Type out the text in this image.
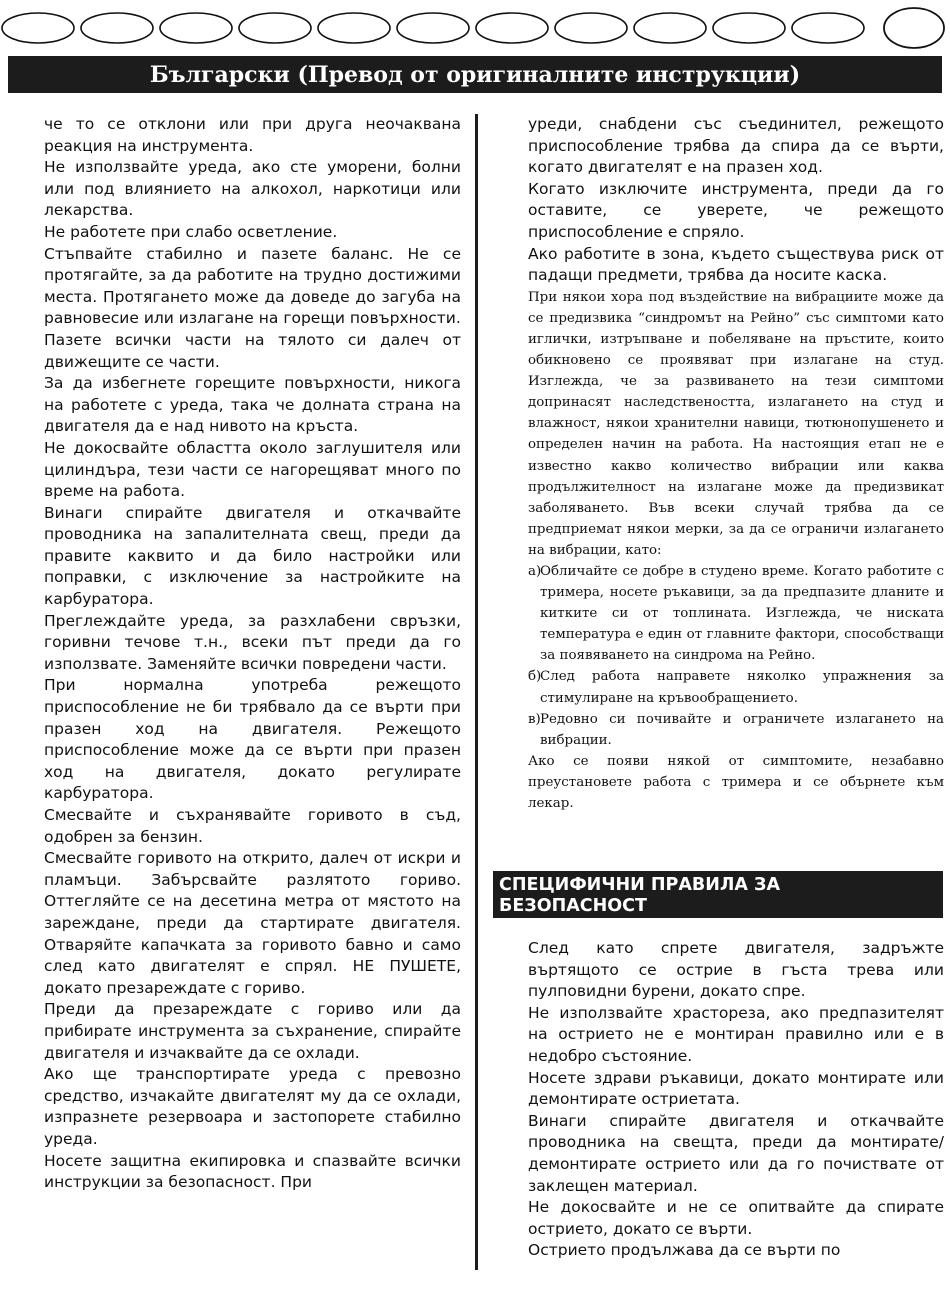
Български (Превод от оригиналните инструкции)

че то се отклони или при друга неочаквана реакция на инструмента.

Не използвайте уреда, ако сте уморени, болни или под влиянието на алкохол, наркотици или лекарства.

Не работете при слабо осветление.

Стъпвайте стабилно и пазете баланс. Не се протягайте, за да работите на трудно достижими места. Протягането може да доведе до загуба на равновесие или излагане на горещи повърхности.

Пазете всички части на тялото си далеч от движещите се части.

За да избегнете горещите повърхности, никога на работете с уреда, така че долната страна на двигателя да е над нивото на кръста.

Не докосвайте областта около заглушителя или цилиндъра, тези части се нагорещяват много по време на работа.

Винаги спирайте двигателя и откачвайте проводника на запалителната свещ, преди да правите каквито и да било настройки или поправки, с изключение за настройките на карбуратора.

Преглеждайте уреда, за разхлабени свръзки, горивни течове т.н., всеки път преди да го използвате. Заменяйте всички повредени части.

При нормална употреба режещото приспособление не би трябвало да се върти при празен ход на двигателя. Режещото приспособление може да се върти при празен ход на двигателя, докато регулирате карбуратора.

Смесвайте и съхранявайте горивото в съд, одобрен за бензин.

Смесвайте горивото на открито, далеч от искри и пламъци. Забърсвайте разлятото гориво. Оттегляйте се на десетина метра от мястото на зареждане, преди да стартирате двигателя. Отваряйте капачката за горивото бавно и само след като двигателят е спрял. НЕ ПУШЕТЕ, докато презареждате с гориво.

Преди да презареждате с гориво или да прибирате инструмента за съхранение, спирайте двигателя и изчаквайте да се охлади.

Ако ще транспортирате уреда с превозно средство, изчакайте двигателят му да се охлади, изпразнете резервоара и застопорете стабилно уреда.

Носете защитна екипировка и спазвайте всички инструкции за безопасност. При

уреди, снабдени със съединител, режещото приспособление трябва да спира да се върти, когато двигателят е на празен ход.

Когато изключите инструмента, преди да го оставите, се уверете, че режещото приспособление е спряло.

Ако работите в зона, където съществува риск от падащи предмети, трябва да носите каска.

При някои хора под въздействие на вибрациите може да се предизвика “синдромът на Рейно” със симптоми като иглички, изтръпване и побеляване на пръстите, които обикновено се проявяват при излагане на студ. Изглежда, че за развиването на тези симптоми допринасят наследствеността, излагането на студ и влажност, някои хранителни навици, тютюнопушенето и определен начин на работа. На настоящия етап не е известно какво количество вибрации или каква продължителност на излагане може да предизвикат заболяването. Във всеки случай трябва да се предприемат някои мерки, за да се ограничи излагането на вибрации, като:

а)
Обличайте се добре в студено време. Когато работите с тримера, носете ръкавици, за да предпазите дланите и китките си от топлината. Изглежда, че ниската температура е един от главните фактори, способстващи за появяването на синдрома на Рейно.
б)
След работа направете няколко упражнения за стимулиране на кръвообращението.
в) Редовно си почивайте и ограничете излагането на вибрации.

Ако се появи някой от симптомите, незабавно преустановете работа с тримера и се обърнете към лекар.

СПЕЦИФИЧНИ ПРАВИЛА ЗА
БЕЗОПАСНОСТ

След като спрете двигателя, задръжте въртящото се острие в гъста трева или пулповидни бурени, докато спре.

Не използвайте храстореза, ако предпазителят на острието не е монтиран правилно или е в недобро състояние.

Носете здрави ръкавици, докато монтирате или демонтирате остриетата.

Винаги спирайте двигателя и откачвайте проводника на свещта, преди да монтирате/ демонтирате острието или да го почиствате от заклещен материал.

Не докосвайте и не се опитвайте да спирате острието, докато се върти.

Острието продължава да се върти по
